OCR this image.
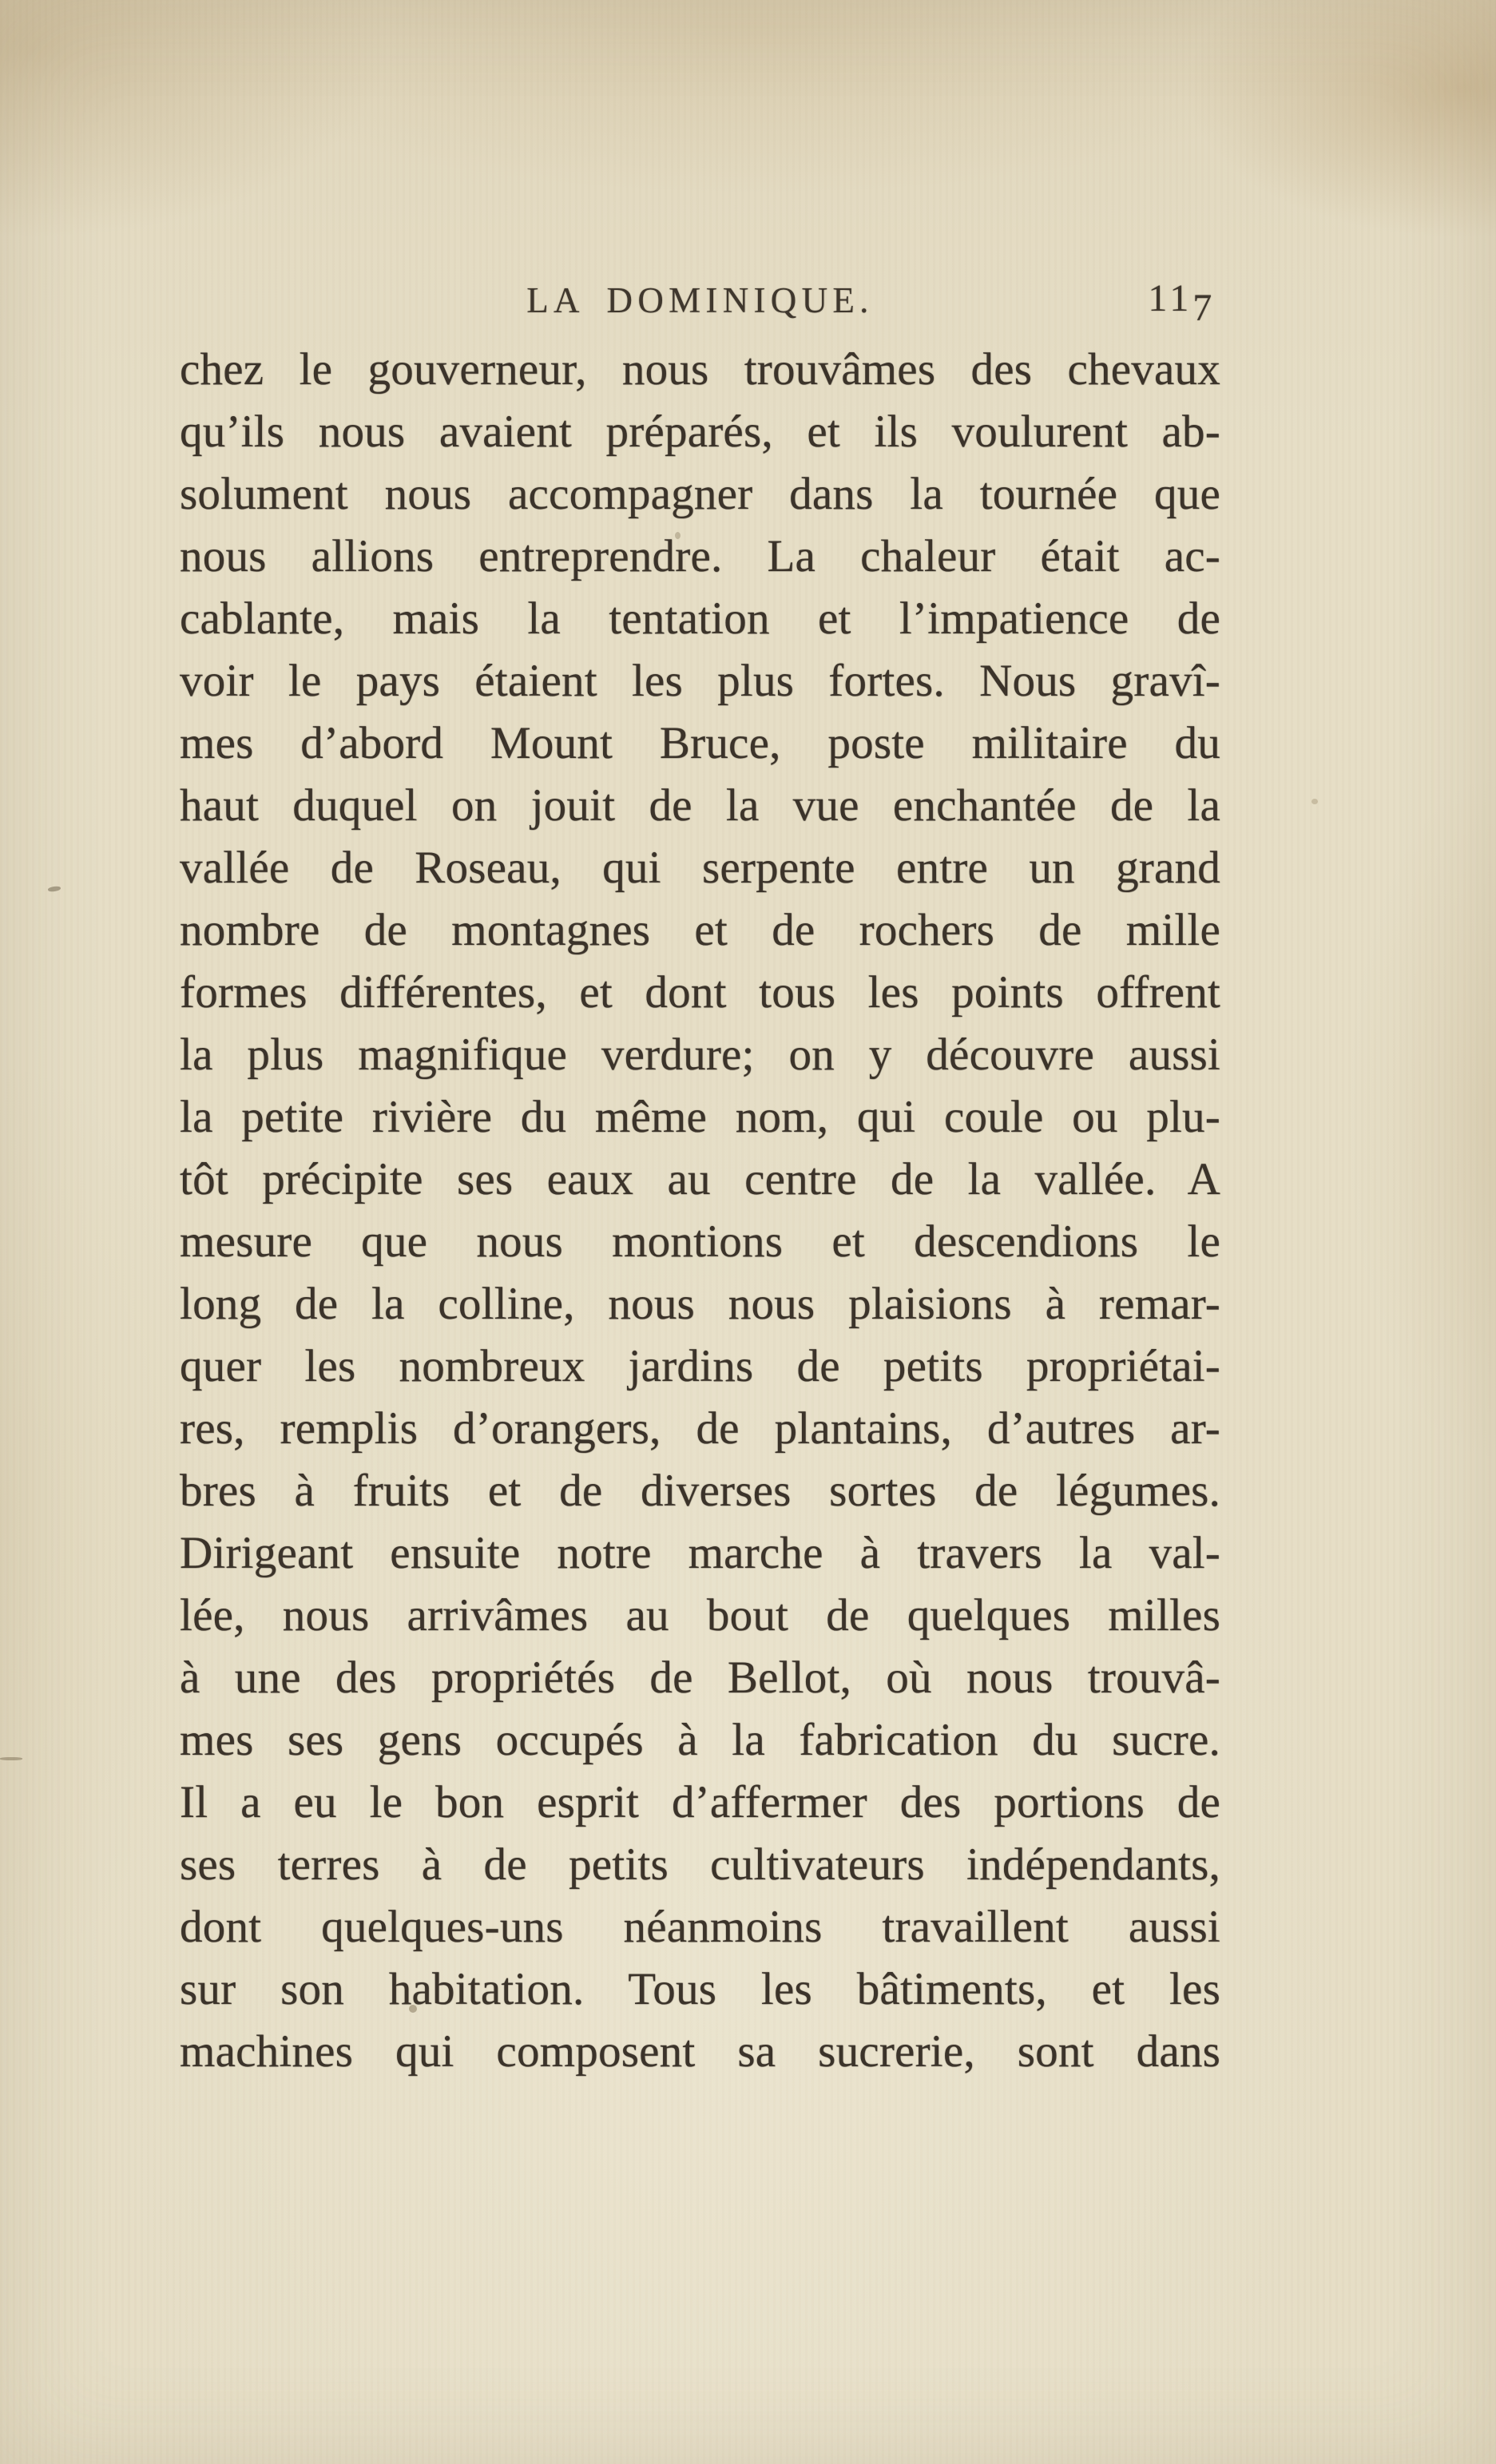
LA DOMINIQUE.	117
chez le gouverneur, nous trouvâmes des chevaux
qu’ils nous avaient préparés, et ils voulurent ab-
solument nous accompagner dans la tournée que
nous allions entreprendre. La chaleur était ac-
cablante, mais la tentation et l’impatience de
voir le pays étaient les plus fortes. Nous gravî-
mes d’abord Mount Bruce, poste militaire du
haut duquel on jouit de la vue enchantée de la
vallée de Roseau, qui serpente entre un grand
nombre de montagnes et de rochers de mille
formes différentes, et dont tous les points offrent
la plus magnifique verdure; on y découvre aussi
la petite rivière du même nom, qui coule ou plu-
tôt précipite ses eaux au centre de la vallée. A
mesure que nous montions et descendions le
long de la colline, nous nous plaisions à remar-
quer les nombreux jardins de petits propriétai-
res, remplis d’orangers, de plantains, d’autres ar-
bres à fruits et de diverses sortes de légumes.
Dirigeant ensuite notre marche à travers la val-
lée, nous arrivâmes au bout de quelques milles
à une des propriétés de Bellot, où nous trouvâ-
mes ses gens occupés à la fabrication du sucre.
Il a eu le bon esprit d’affermer des portions de
ses terres à de petits cultivateurs indépendants,
dont quelques-uns néanmoins travaillent aussi
sur son habitation. Tous les bâtiments, et les
machines qui composent sa sucrerie, sont dans
